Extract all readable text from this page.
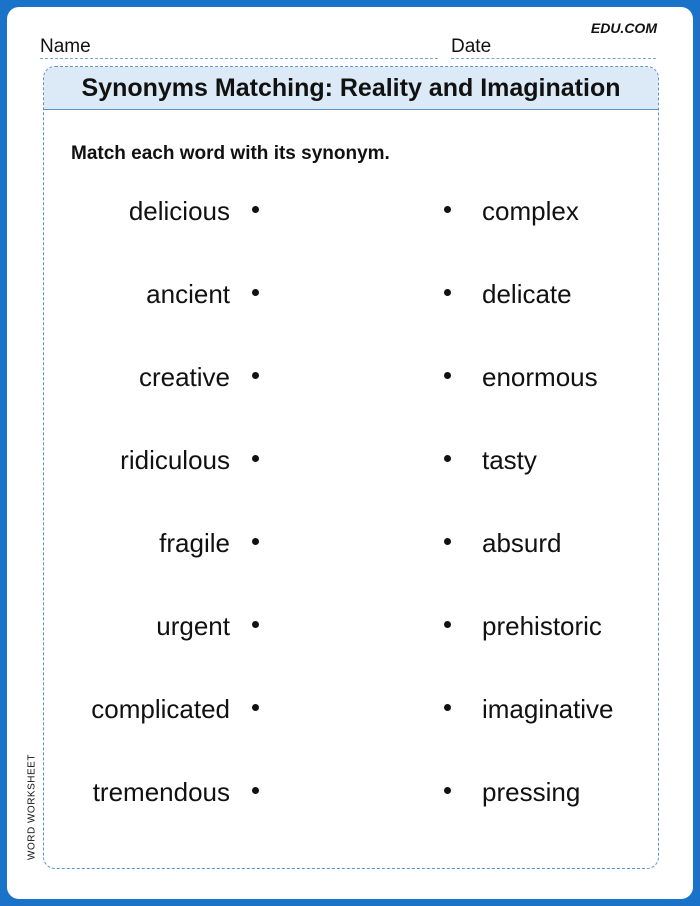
EDU.COM
Name	Date
Synonyms Matching: Reality and Imagination
Match each word with its synonym.
delicious	complex
ancient	delicate
creative	enormous
ridiculous	tasty
fragile	absurd
urgent	prehistoric
complicated	imaginative
tremendous	pressing
WORD WORKSHEET
